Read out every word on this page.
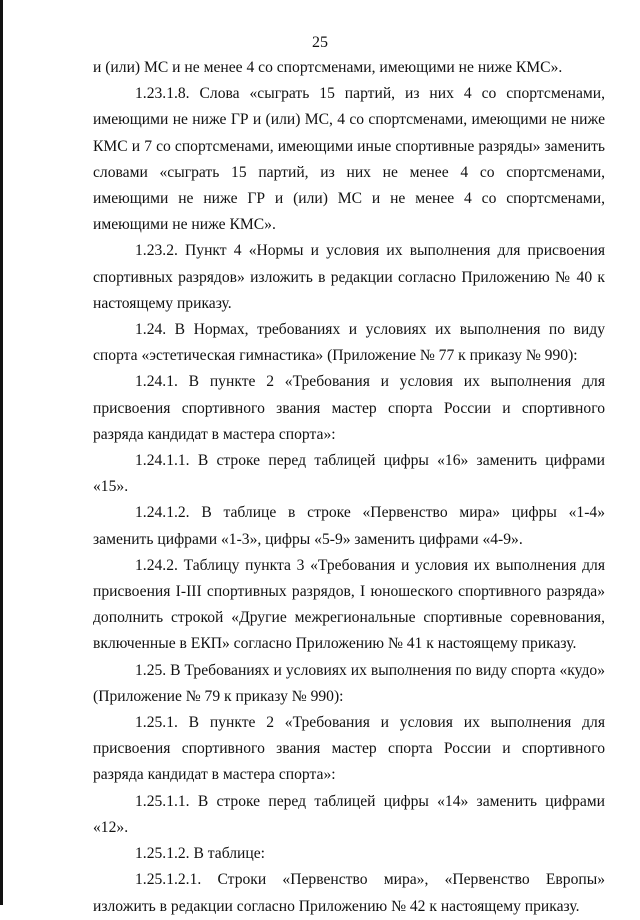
25

и (или) МС и не менее 4 со спортсменами, имеющими не ниже КМС».

1.23.1.8. Слова «сыграть 15 партий, из них 4 со спортсменами, имеющими не ниже ГР и (или) МС, 4 со спортсменами, имеющими не ниже КМС и 7 со спортсменами, имеющими иные спортивные разряды» заменить словами «сыграть 15 партий, из них не менее 4 со спортсменами, имеющими не ниже ГР и (или) МС и не менее 4 со спортсменами, имеющими не ниже КМС».

1.23.2. Пункт 4 «Нормы и условия их выполнения для присвоения спортивных разрядов» изложить в редакции согласно Приложению № 40 к настоящему приказу.

1.24. В Нормах, требованиях и условиях их выполнения по виду спорта «эстетическая гимнастика» (Приложение № 77 к приказу № 990):

1.24.1. В пункте 2 «Требования и условия их выполнения для присвоения спортивного звания мастер спорта России и спортивного разряда кандидат в мастера спорта»:

1.24.1.1. В строке перед таблицей цифры «16» заменить цифрами «15».

1.24.1.2. В таблице в строке «Первенство мира» цифры «1-4» заменить цифрами «1-3», цифры «5-9» заменить цифрами «4-9».

1.24.2. Таблицу пункта 3 «Требования и условия их выполнения для присвоения I-III спортивных разрядов, I юношеского спортивного разряда» дополнить строкой «Другие межрегиональные спортивные соревнования, включенные в ЕКП» согласно Приложению № 41 к настоящему приказу.

1.25. В Требованиях и условиях их выполнения по виду спорта «кудо» (Приложение № 79 к приказу № 990):

1.25.1. В пункте 2 «Требования и условия их выполнения для присвоения спортивного звания мастер спорта России и спортивного разряда кандидат в мастера спорта»:

1.25.1.1. В строке перед таблицей цифры «14» заменить цифрами «12».

1.25.1.2. В таблице:

1.25.1.2.1. Строки «Первенство мира», «Первенство Европы» изложить в редакции согласно Приложению № 42 к настоящему приказу.
